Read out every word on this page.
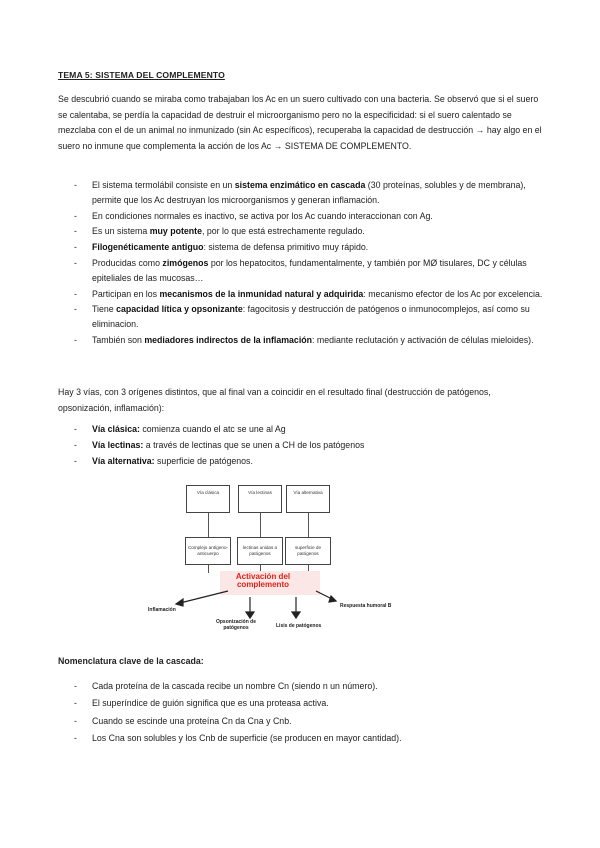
TEMA 5: SISTEMA DEL COMPLEMENTO
Se descubrió cuando se miraba como trabajaban los Ac en un suero cultivado con una bacteria. Se observó que si el suero se calentaba, se perdía la capacidad de destruir el microorganismo pero no la especificidad: si el suero calentado se mezclaba con el de un animal no inmunizado (sin Ac específicos), recuperaba la capacidad de destrucción → hay algo en el suero no inmune que complementa la acción de los Ac → SISTEMA DE COMPLEMENTO.
- El sistema termolábil consiste en un sistema enzimático en cascada (30 proteínas, solubles y de membrana), permite que los Ac destruyan los microorganismos y generan inflamación.
- En condiciones normales es inactivo, se activa por los Ac cuando interaccionan con Ag.
- Es un sistema muy potente, por lo que está estrechamente regulado.
- Filogenéticamente antiguo: sistema de defensa primitivo muy rápido.
- Producidas como zimógenos por los hepatocitos, fundamentalmente, y también por MØ tisulares, DC y células epiteliales de las mucosas…
- Participan en los mecanismos de la inmunidad natural y adquirida: mecanismo efector de los Ac por excelencia.
- Tiene capacidad lítica y opsonizante: fagocitosis y destrucción de patógenos o inmunocomplejos, así como su eliminacion.
- También son mediadores indirectos de la inflamación: mediante reclutación y activación de células mieloides).
Hay 3 vías, con 3 orígenes distintos, que al final van a coincidir en el resultado final (destrucción de patógenos, opsonización, inflamación):
- Vía clásica: comienza cuando el atc se une al Ag
- Vía lectinas: a través de lectinas que se unen a CH de los patógenos
- Vía alternativa: superficie de patógenos.
Vía clásica	Vía lectinas	Vía alternativa
Complejo antígeno-anticuerpo
lectinas unidas a patógenos
superficie de patógenos
Activación del complemento
Inflamación
Opsonización de patógenos	Lisis de patógenos
Respuesta humoral B
Nomenclatura clave de la cascada:
- Cada proteína de la cascada recibe un nombre Cn (siendo n un número).
- El superíndice de guión significa que es una proteasa activa.
- Cuando se escinde una proteína Cn da Cna y Cnb.
- Los Cna son solubles y los Cnb de superficie (se producen en mayor cantidad).
